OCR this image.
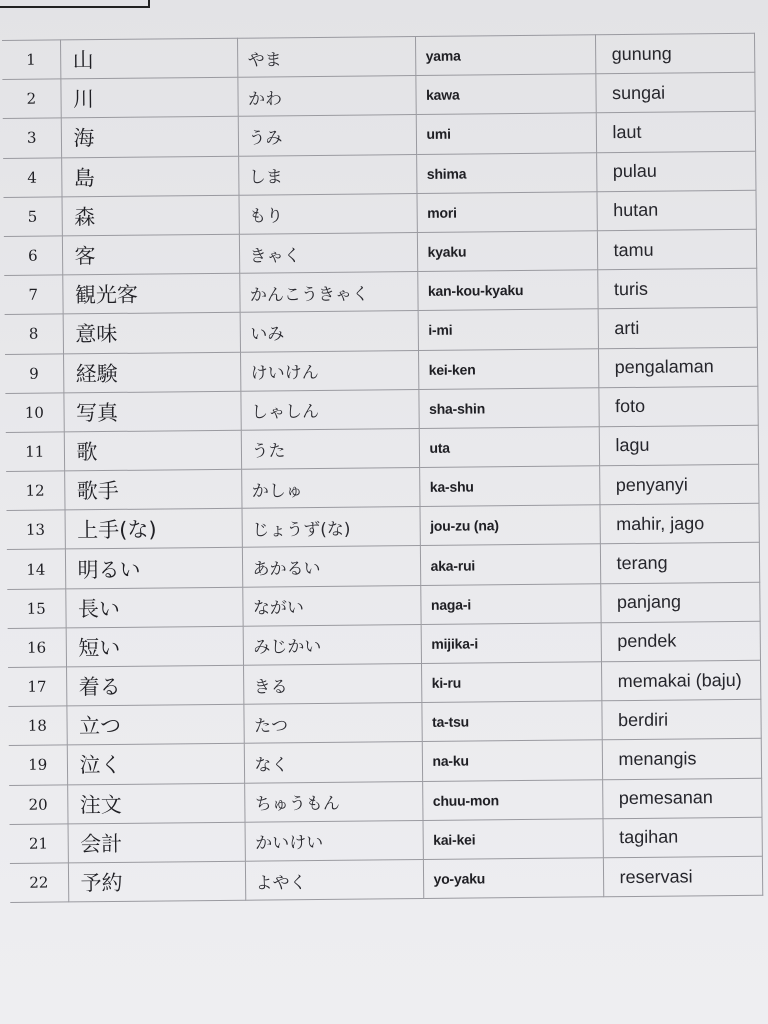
1	山	やま	yama	gunung
2	川	かわ	kawa	sungai
3	海	うみ	umi	laut
4	島	しま	shima	pulau
5	森	もり	mori	hutan
6	客	きゃく	kyaku	tamu
7	観光客	かんこうきゃく	kan-kou-kyaku	turis
8	意味	いみ	i-mi	arti
9	経験	けいけん	kei-ken	pengalaman
10	写真	しゃしん	sha-shin	foto
11	歌	うた	uta	lagu
12	歌手	かしゅ	ka-shu	penyanyi
13	上手(な)	じょうず(な)	jou-zu (na)	mahir, jago
14	明るい	あかるい	aka-rui	terang
15	長い	ながい	naga-i	panjang
16	短い	みじかい	mijika-i	pendek
17	着る	きる	ki-ru	memakai (baju)
18	立つ	たつ	ta-tsu	berdiri
19	泣く	なく	na-ku	menangis
20	注文	ちゅうもん	chuu-mon	pemesanan
21	会計	かいけい	kai-kei	tagihan
22	予約	よやく	yo-yaku	reservasi
